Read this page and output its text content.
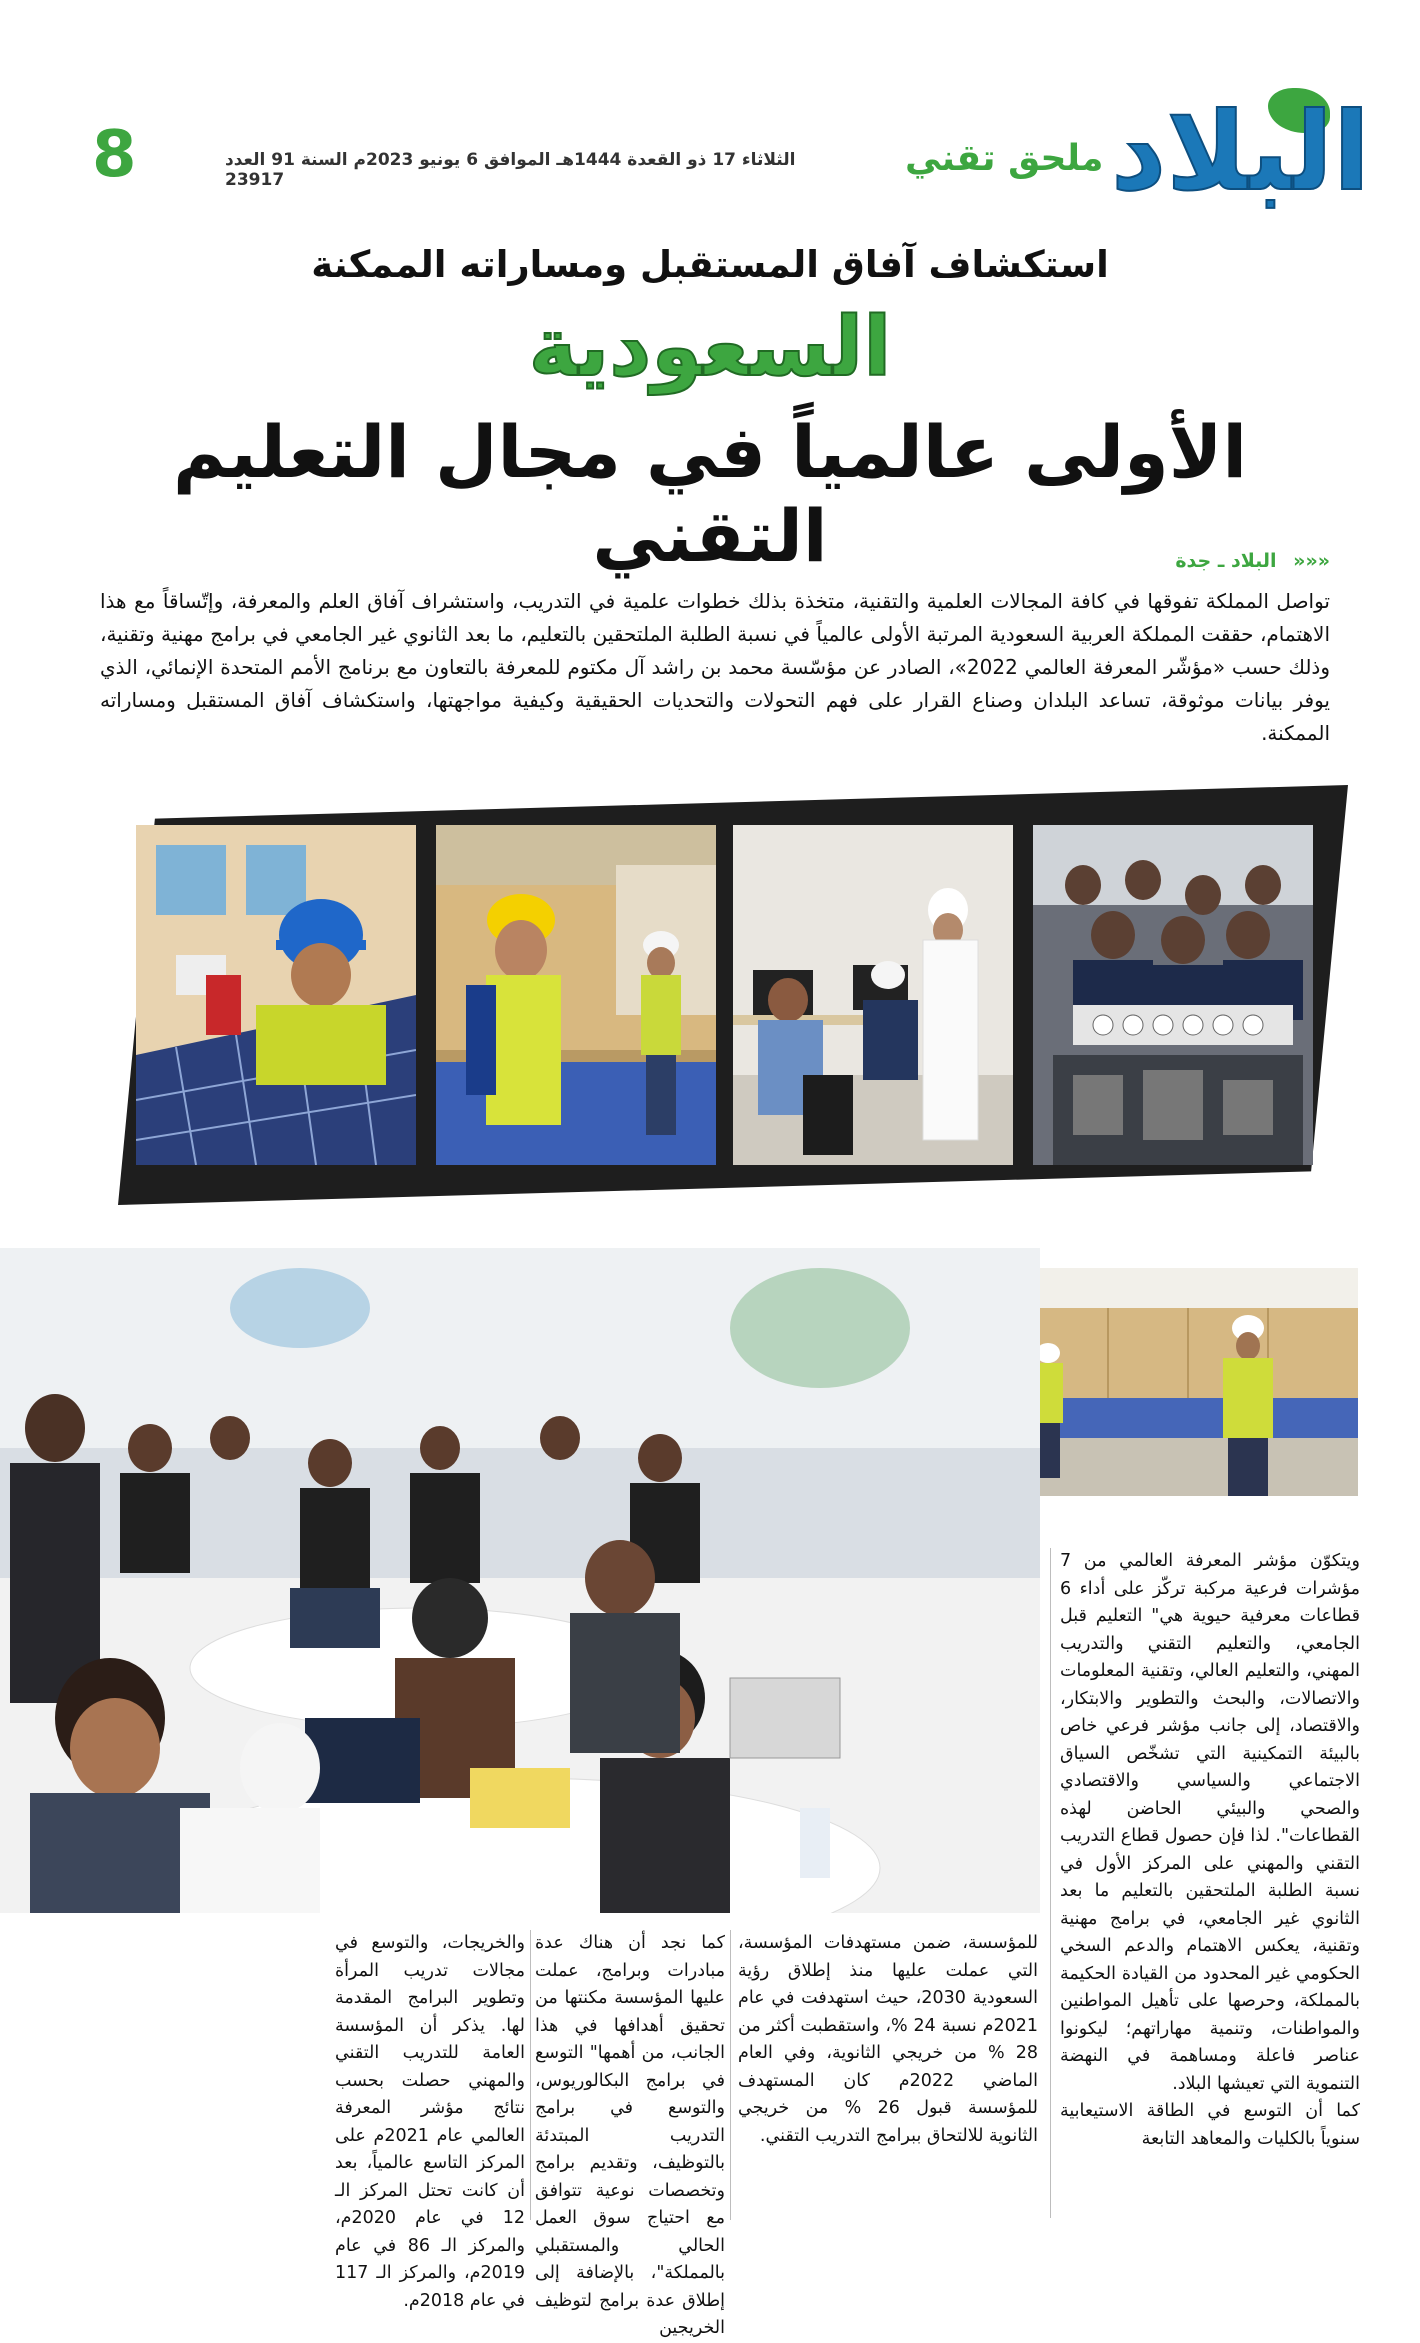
8	الثلاثاء 17 ذو القعدة 1444هـ الموافق 6 يونيو 2023م السنة 91 العدد 23917
ملحق تقني البلاد
استكشاف آفاق المستقبل ومساراته الممكنة
السعودية
الأولى عالمياً في مجال التعليم التقني	««« البلاد ـ جدة
تواصل المملكة تفوقها في كافة المجالات العلمية والتقنية، متخذة بذلك خطوات علمية في التدريب، واستشراف آفاق العلم والمعرفة، وإتّساقاً مع هذا الاهتمام، حققت المملكة العربية السعودية المرتبة الأولى عالمياً في نسبة الطلبة الملتحقين بالتعليم، ما بعد الثانوي غير الجامعي في برامج مهنية وتقنية، وذلك حسب «مؤشّر المعرفة العالمي 2022»، الصادر عن مؤسّسة محمد بن راشد آل مكتوم للمعرفة بالتعاون مع برنامج الأمم المتحدة الإنمائي، الذي يوفر بيانات موثوقة، تساعد البلدان وصناع القرار على فهم التحولات والتحديات الحقيقية وكيفية مواجهتها، واستكشاف آفاق المستقبل ومساراته الممكنة.
ويتكوّن مؤشر المعرفة العالمي من 7 مؤشرات فرعية مركبة تركّز على أداء 6 قطاعات معرفية حيوية هي" التعليم قبل الجامعي، والتعليم التقني والتدريب المهني، والتعليم العالي، وتقنية المعلومات والاتصالات، والبحث والتطوير والابتكار، والاقتصاد، إلى جانب مؤشر فرعي خاص بالبيئة التمكينية التي تشخّص السياق الاجتماعي والسياسي والاقتصادي والصحي والبيئي الحاضن لهذه القطاعات". لذا فإن حصول قطاع التدريب التقني والمهني على المركز الأول في نسبة الطلبة الملتحقين بالتعليم ما بعد الثانوي غير الجامعي، في برامج مهنية وتقنية، يعكس الاهتمام والدعم السخي الحكومي غير المحدود من القيادة الحكيمة بالمملكة، وحرصها على تأهيل المواطنين والمواطنات، وتنمية مهاراتهم؛ ليكونوا عناصر فاعلة ومساهمة في النهضة التنموية التي تعيشها البلاد.
كما أن التوسع في الطاقة الاستيعابية سنوياً بالكليات والمعاهد التابعة
للمؤسسة، ضمن مستهدفات المؤسسة، التي عملت عليها منذ إطلاق رؤية السعودية 2030، حيث استهدفت في عام 2021م نسبة 24 %، واستقطبت أكثر من 28 % من خريجي الثانوية، وفي العام الماضي 2022م كان المستهدف للمؤسسة قبول 26 % من خريجي الثانوية للالتحاق ببرامج التدريب التقني.
كما نجد أن هناك عدة مبادرات وبرامج، عملت عليها المؤسسة مكنتها من تحقيق أهدافها في هذا الجانب، من أهمها" التوسع في برامج البكالوريوس، والتوسع في برامج التدريب المبتدئة بالتوظيف، وتقديم برامج وتخصصات نوعية تتوافق مع احتياج سوق العمل الحالي والمستقبلي بالمملكة"، بالإضافة إلى إطلاق عدة برامج لتوظيف الخريجين
والخريجات، والتوسع في مجالات تدريب المرأة وتطوير البرامج المقدمة لها. يذكر أن المؤسسة العامة للتدريب التقني والمهني حصلت بحسب نتائج مؤشر المعرفة العالمي عام 2021م على المركز التاسع عالمياً، بعد أن كانت تحتل المركز الـ 12 في عام 2020م، والمركز الـ 86 في عام 2019م، والمركز الـ 117 في عام 2018م.
